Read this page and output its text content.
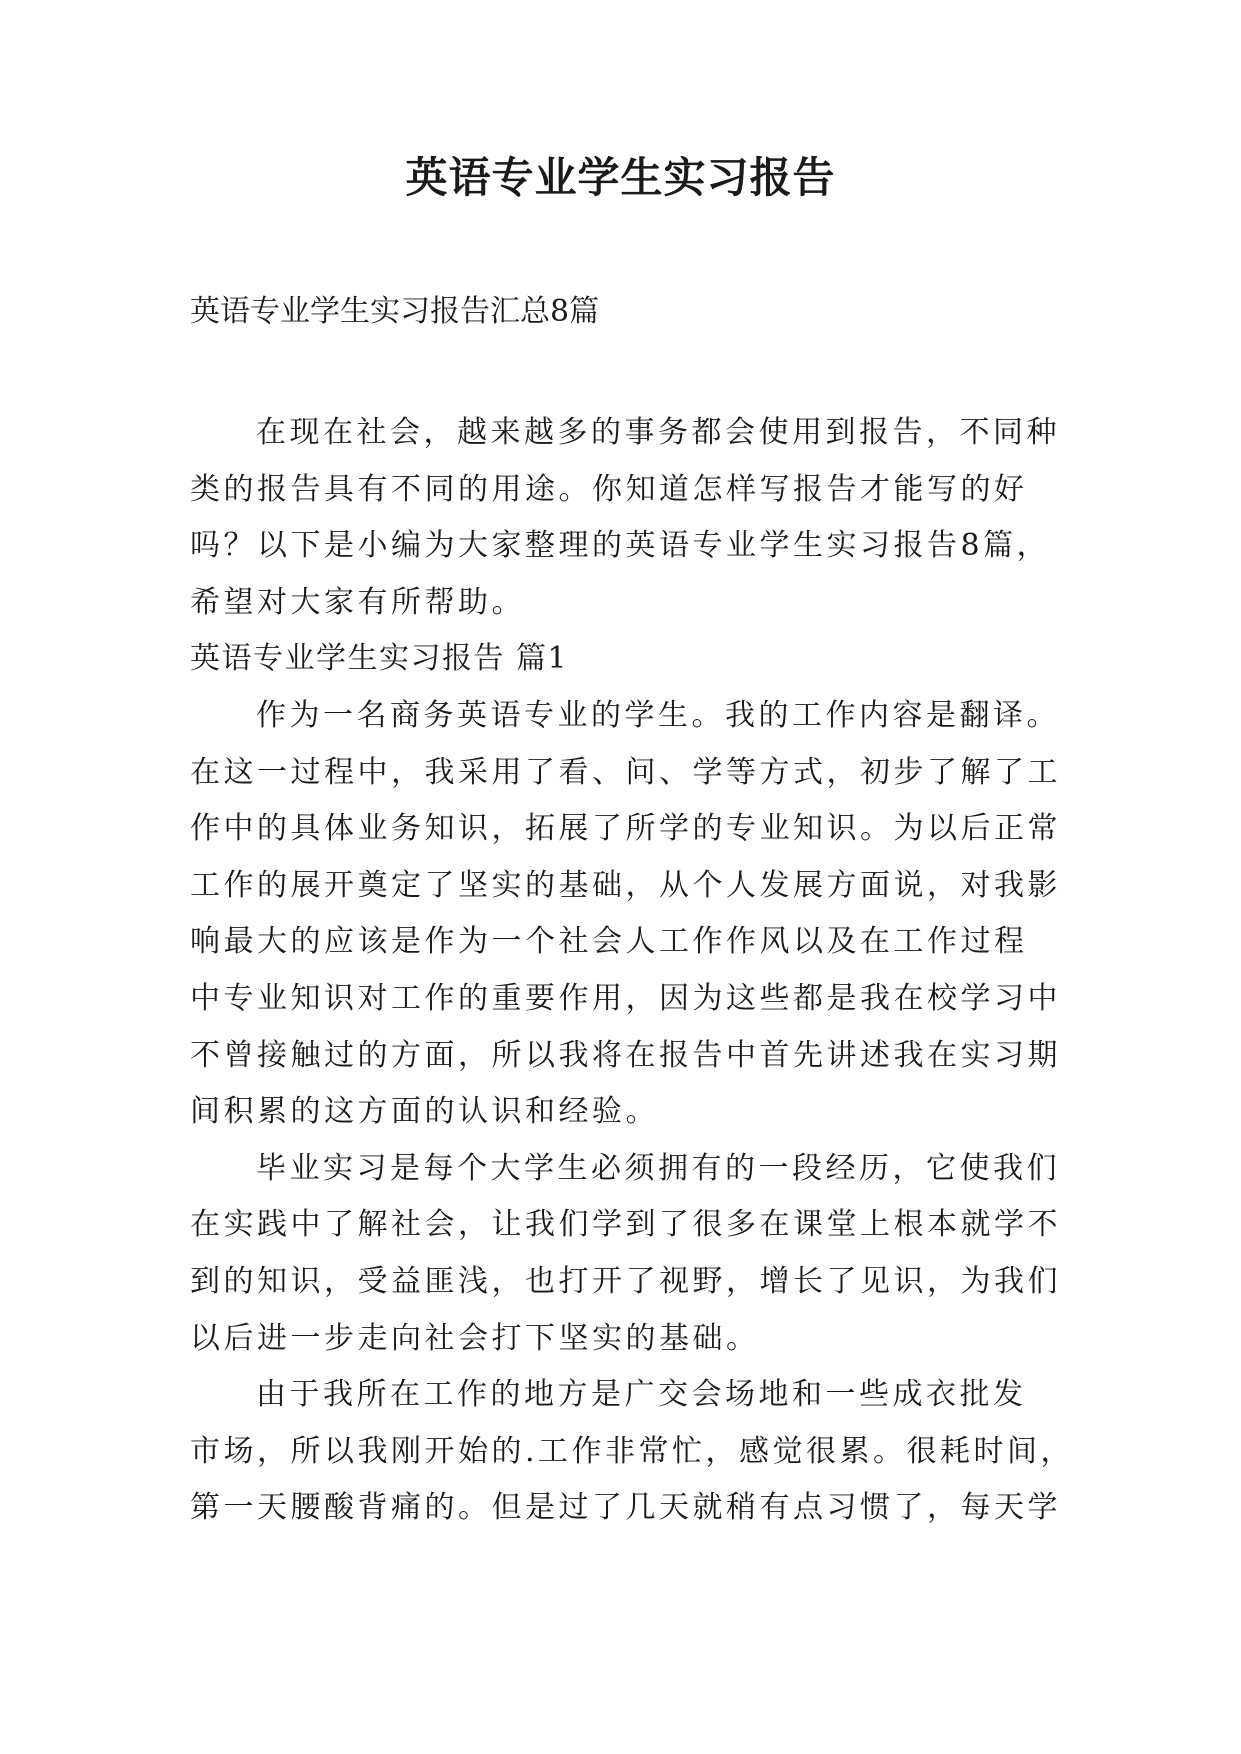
英语专业学生实习报告

英语专业学生实习报告汇总8篇

在现在社会，越来越多的事务都会使用到报告，不同种

类的报告具有不同的用途。你知道怎样写报告才能写的好

吗？以下是小编为大家整理的英语专业学生实习报告8篇，

希望对大家有所帮助。

英语专业学生实习报告 篇1

作为一名商务英语专业的学生。我的工作内容是翻译。

在这一过程中，我采用了看、问、学等方式，初步了解了工

作中的具体业务知识，拓展了所学的专业知识。为以后正常

工作的展开奠定了坚实的基础，从个人发展方面说，对我影

响最大的应该是作为一个社会人工作作风以及在工作过程

中专业知识对工作的重要作用，因为这些都是我在校学习中

不曾接触过的方面，所以我将在报告中首先讲述我在实习期

间积累的这方面的认识和经验。

毕业实习是每个大学生必须拥有的一段经历，它使我们

在实践中了解社会，让我们学到了很多在课堂上根本就学不

到的知识，受益匪浅，也打开了视野，增长了见识，为我们

以后进一步走向社会打下坚实的基础。

由于我所在工作的地方是广交会场地和一些成衣批发

市场，所以我刚开始的.工作非常忙，感觉很累。很耗时间，

第一天腰酸背痛的。但是过了几天就稍有点习惯了，每天学
